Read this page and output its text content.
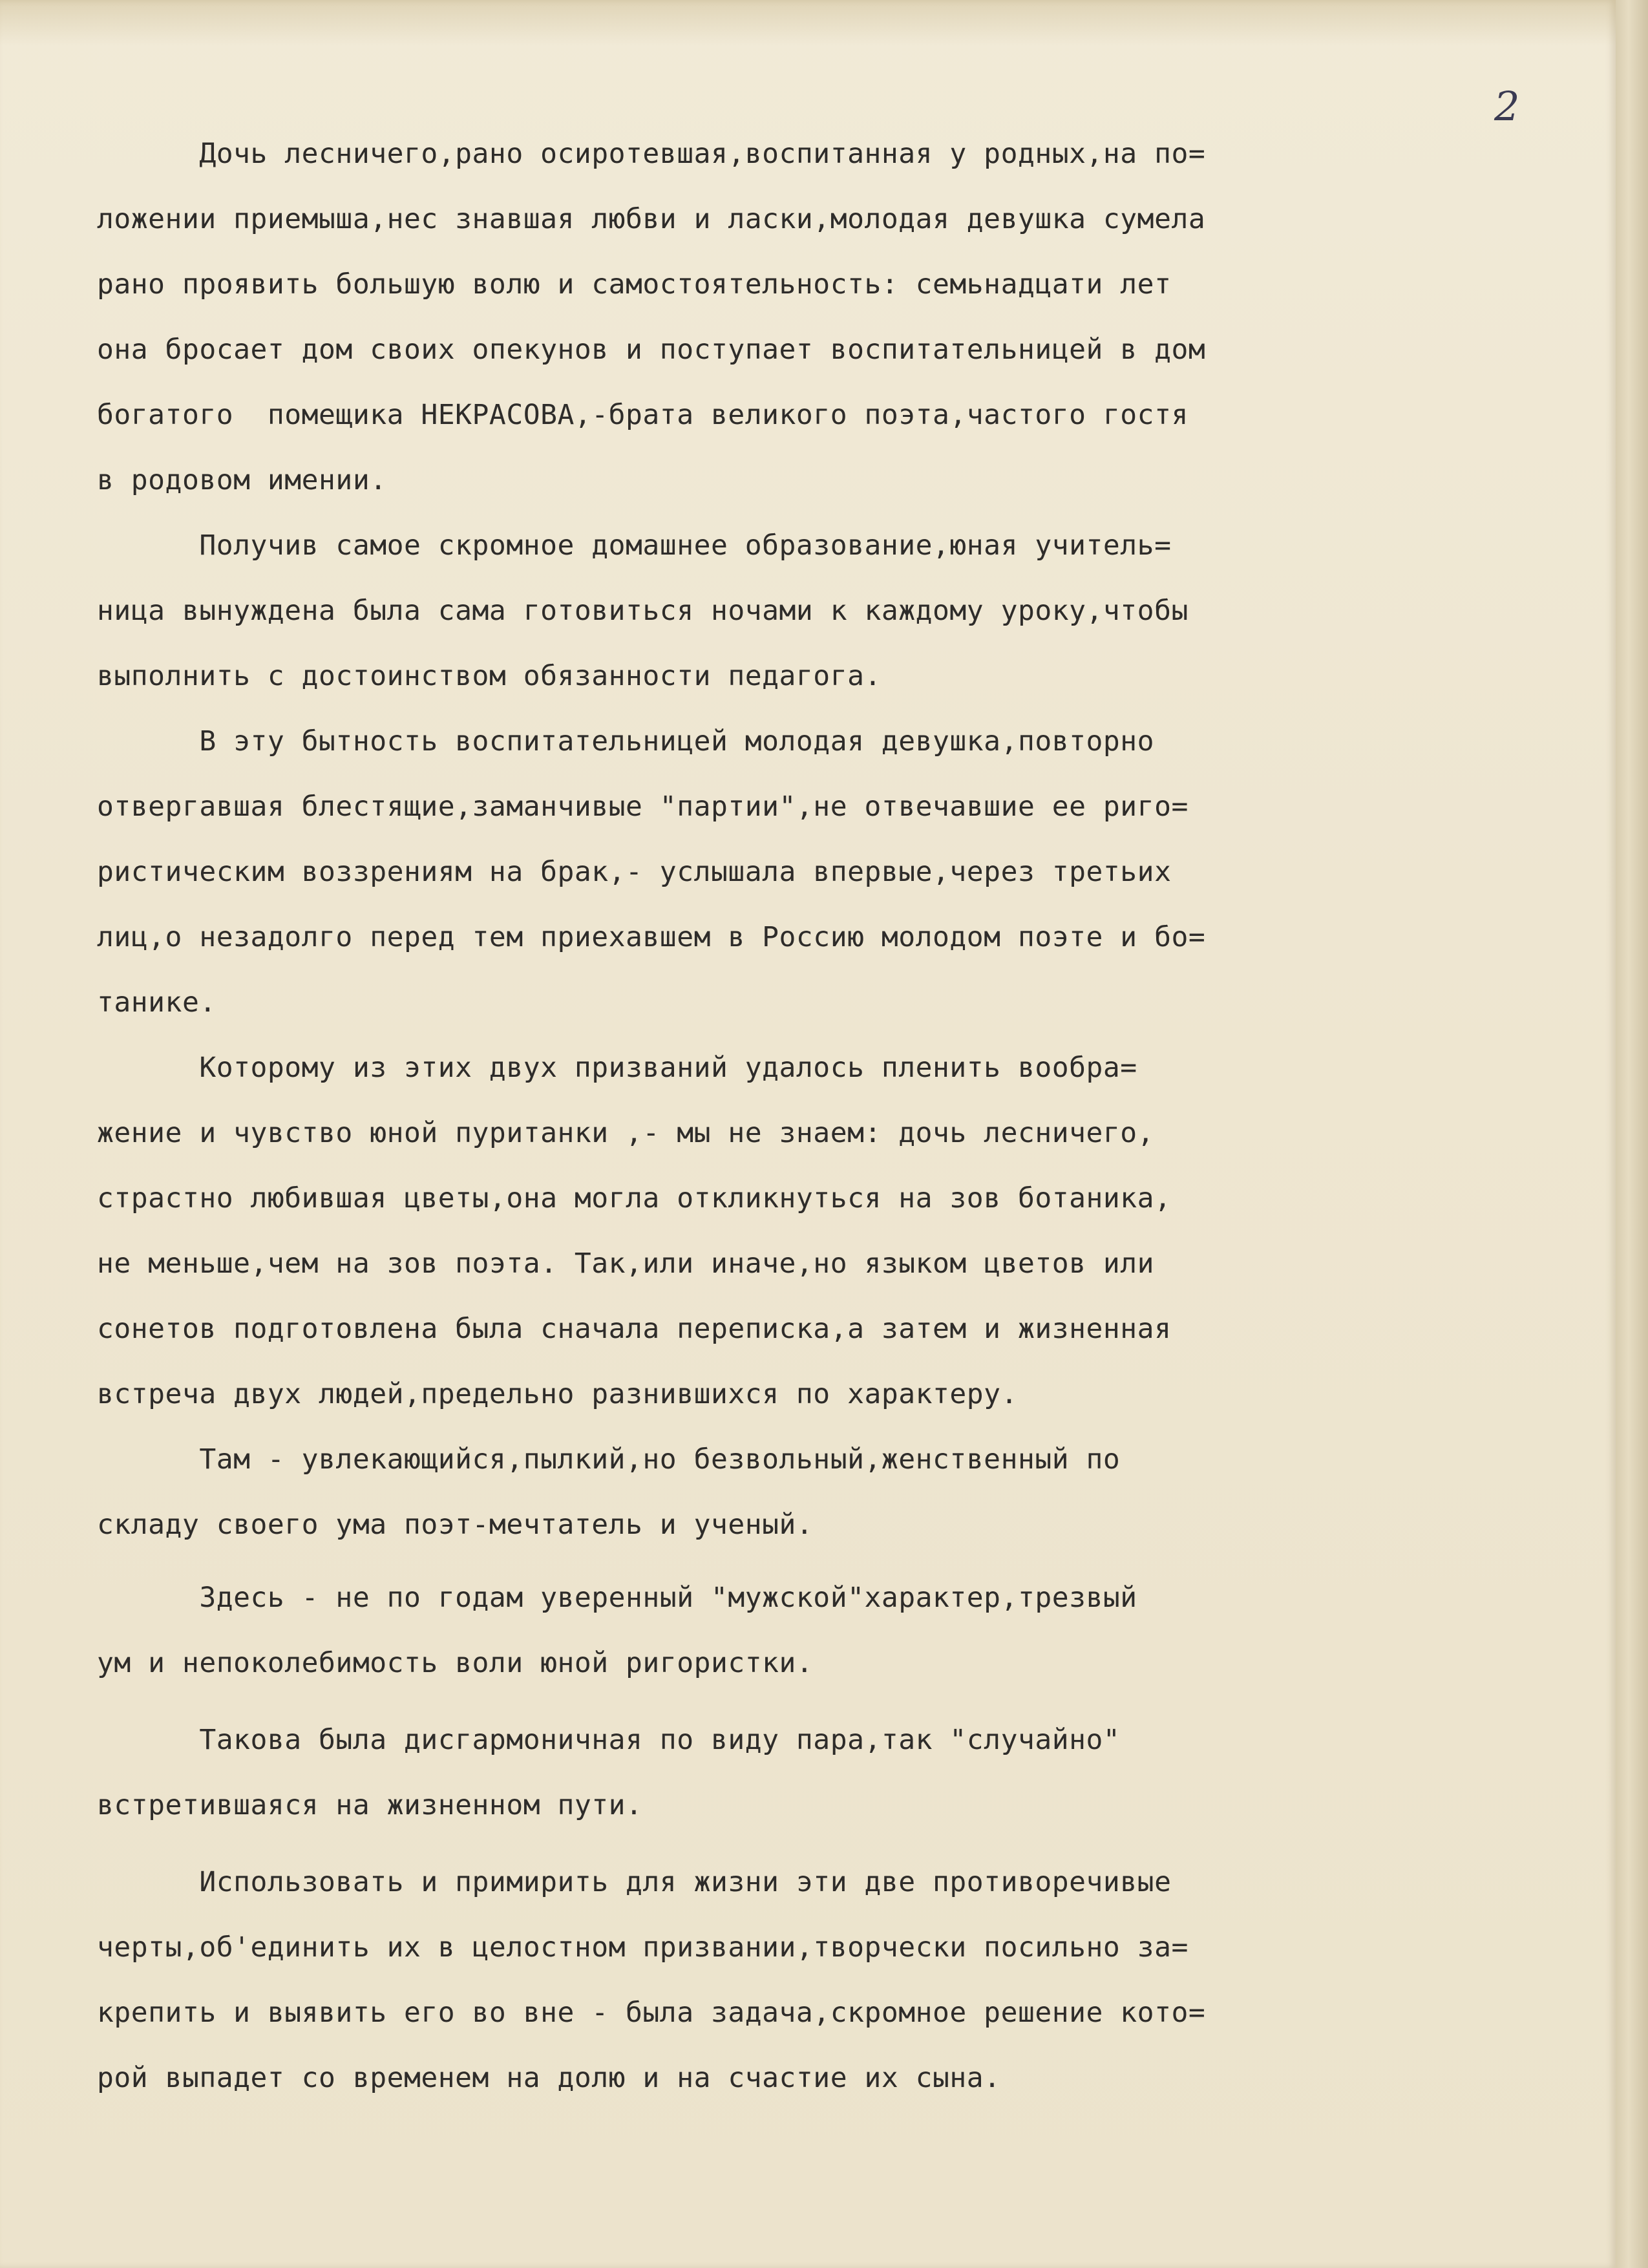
2
Дочь лесничего,рано осиротевшая,воспитанная у родных,на по=
ложении приемыша,нес знавшая любви и ласки,молодая девушка сумела
рано проявить большую волю и самостоятельность: семьнадцати лет
она бросает дом своих опекунов и поступает воспитательницей в дом
богатого  помещика НЕКРАСОВА,-брата великого поэта,частого гостя
в родовом имении.
Получив самое скромное домашнее образование,юная учитель=
ница вынуждена была сама готовиться ночами к каждому уроку,чтобы
выполнить с достоинством обязанности педагога.
В эту бытность воспитательницей молодая девушка,повторно
отвергавшая блестящие,заманчивые "партии",не отвечавшие ее риго=
ристическим воззрениям на брак,- услышала впервые,через третьих
лиц,о незадолго перед тем приехавшем в Россию молодом поэте и бо=
танике.
Которому из этих двух призваний удалось пленить вообра=
жение и чувство юной пуританки ,- мы не знаем: дочь лесничего,
страстно любившая цветы,она могла откликнуться на зов ботаника,
не меньше,чем на зов поэта. Так,или иначе,но языком цветов или
сонетов подготовлена была сначала переписка,а затем и жизненная
встреча двух людей,предельно разнившихся по характеру.
Там - увлекающийся,пылкий,но безвольный,женственный по
складу своего ума поэт-мечтатель и ученый.
Здесь - не по годам уверенный "мужской"характер,трезвый
ум и непоколебимость воли юной ригористки.
Такова была дисгармоничная по виду пара,так "случайно"
встретившаяся на жизненном пути.
Использовать и примирить для жизни эти две противоречивые
черты,об'единить их в целостном призвании,творчески посильно за=
крепить и выявить его во вне - была задача,скромное решение кото=
рой выпадет со временем на долю и на счастие их сына.
